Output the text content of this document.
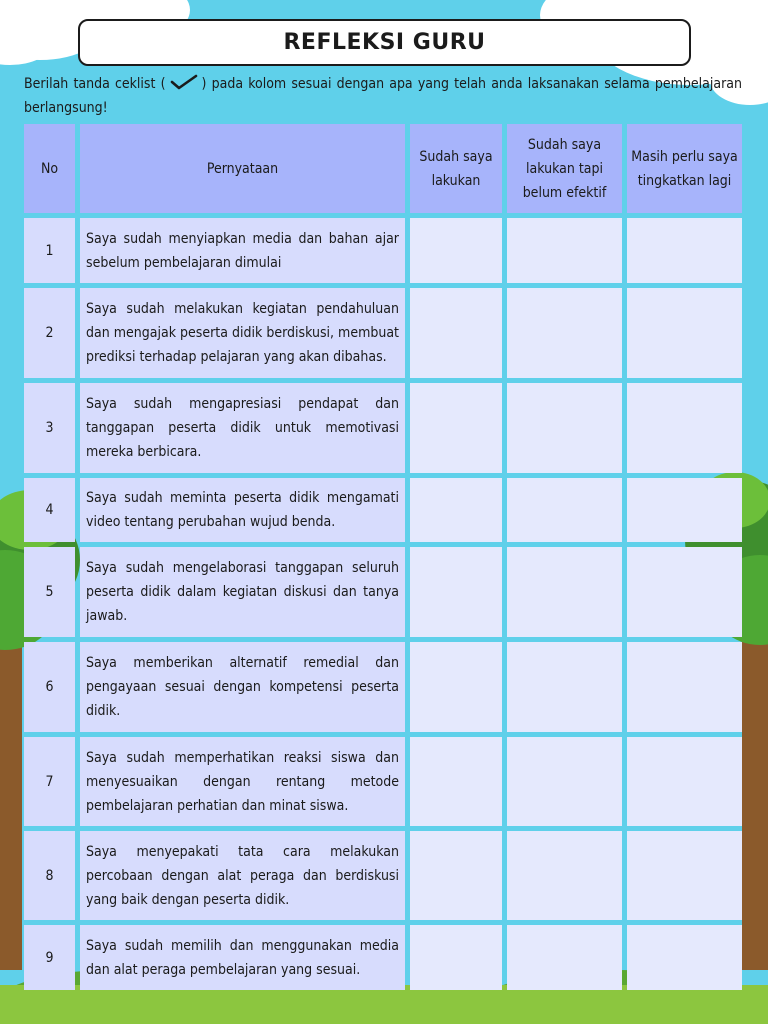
REFLEKSI GURU
Berilah tanda ceklist (	) pada kolom sesuai dengan apa yang telah anda laksanakan selama pembelajaran berlangsung!
No	Pernyataan
Sudah saya lakukan
Sudah saya lakukan tapi belum efektif
Masih perlu saya tingkatkan lagi
1
Saya sudah menyiapkan media dan bahan ajar sebelum pembelajaran dimulai
2
Saya sudah melakukan kegiatan pendahuluan dan mengajak peserta didik berdiskusi, membuat prediksi terhadap pelajaran yang akan dibahas.
3
Saya sudah mengapresiasi pendapat dan tanggapan peserta didik untuk memotivasi mereka berbicara.
4
Saya sudah meminta peserta didik mengamati video tentang perubahan wujud benda.
5
Saya sudah mengelaborasi tanggapan seluruh peserta didik dalam kegiatan diskusi dan tanya jawab.
6
Saya memberikan alternatif remedial dan pengayaan sesuai dengan kompetensi peserta didik.
7
Saya sudah memperhatikan reaksi siswa dan menyesuaikan dengan rentang metode pembelajaran perhatian dan minat siswa.
8
Saya menyepakati tata cara melakukan percobaan dengan alat peraga dan berdiskusi yang baik dengan peserta didik.
9
Saya sudah memilih dan menggunakan media dan alat peraga pembelajaran yang sesuai.
